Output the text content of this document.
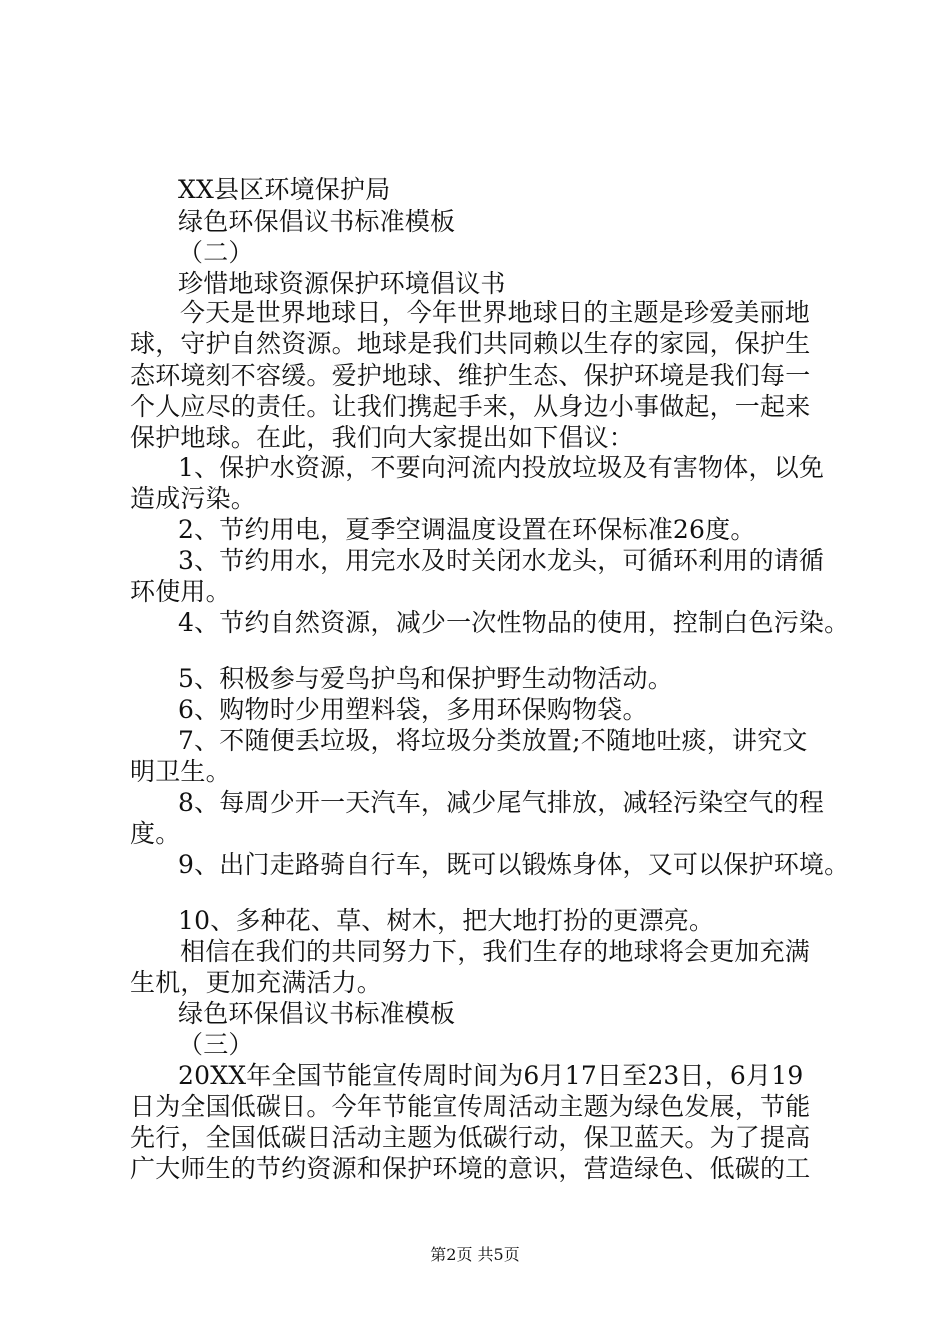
XX县区环境保护局
绿色环保倡议书标准模板
（二）
珍惜地球资源保护环境倡议书
今天是世界地球日，今年世界地球日的主题是珍爱美丽地
球，守护自然资源。地球是我们共同赖以生存的家园，保护生
态环境刻不容缓。爱护地球、维护生态、保护环境是我们每一
个人应尽的责任。让我们携起手来，从身边小事做起，一起来
保护地球。在此，我们向大家提出如下倡议：
1、保护水资源，不要向河流内投放垃圾及有害物体，以免
造成污染。
2、节约用电，夏季空调温度设置在环保标准26度。
3、节约用水，用完水及时关闭水龙头，可循环利用的请循
环使用。
4、节约自然资源，减少一次性物品的使用，控制白色污染。
5、积极参与爱鸟护鸟和保护野生动物活动。
6、购物时少用塑料袋，多用环保购物袋。
7、不随便丢垃圾，将垃圾分类放置;不随地吐痰，讲究文
明卫生。
8、每周少开一天汽车，减少尾气排放，减轻污染空气的程
度。
9、出门走路骑自行车，既可以锻炼身体，又可以保护环境。
10、多种花、草、树木，把大地打扮的更漂亮。
相信在我们的共同努力下，我们生存的地球将会更加充满
生机，更加充满活力。
绿色环保倡议书标准模板
（三）
20XX年全国节能宣传周时间为6月17日至23日，6月19
日为全国低碳日。今年节能宣传周活动主题为绿色发展，节能
先行，全国低碳日活动主题为低碳行动，保卫蓝天。为了提高
广大师生的节约资源和保护环境的意识，营造绿色、低碳的工
第2页 共5页
